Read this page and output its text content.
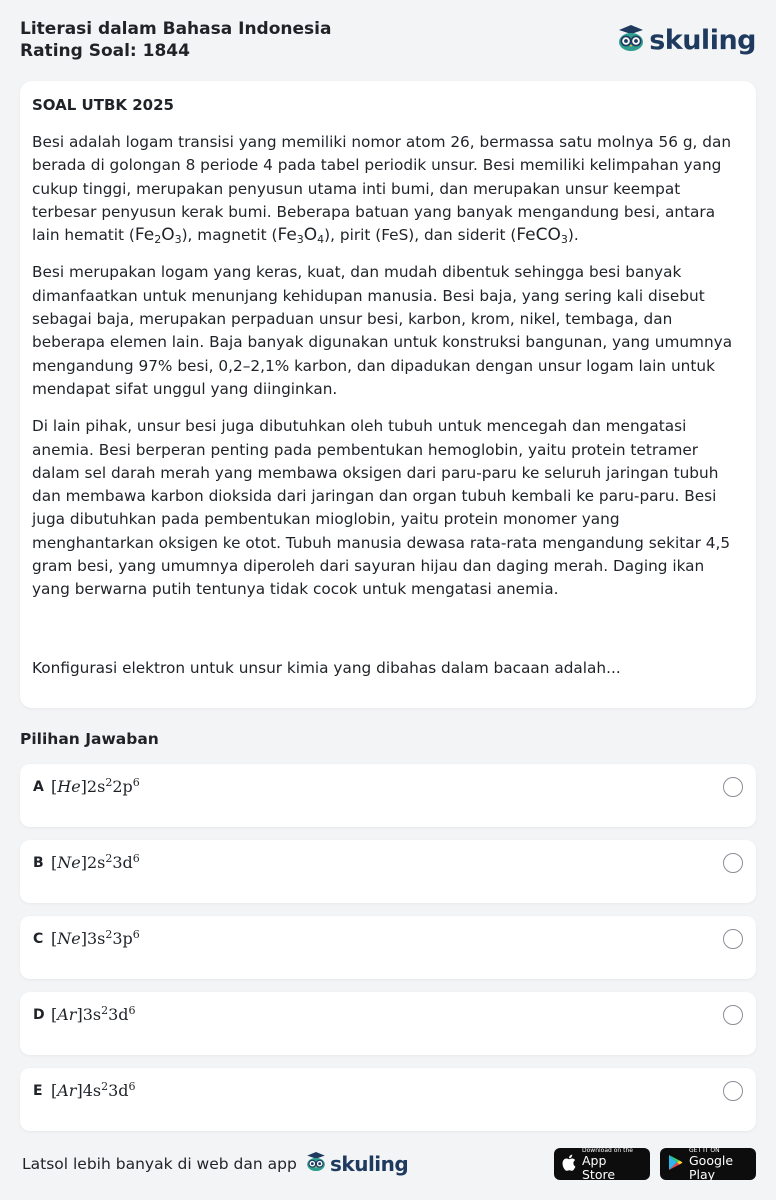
Literasi dalam Bahasa Indonesia
Rating Soal: 1844	skuling
SOAL UTBK 2025

Besi adalah logam transisi yang memiliki nomor atom 26, bermassa satu molnya 56 g, dan berada di golongan 8 periode 4 pada tabel periodik unsur. Besi memiliki kelimpahan yang cukup tinggi, merupakan penyusun utama inti bumi, dan merupakan unsur keempat terbesar penyusun kerak bumi. Beberapa batuan yang banyak mengandung besi, antara lain hematit $(Fe_2O_3)$, magnetit $(Fe_3O_4)$, pirit (FeS), dan siderit (FeCO$_3$).

Besi merupakan logam yang keras, kuat, dan mudah dibentuk sehingga besi banyak dimanfaatkan untuk menunjang kehidupan manusia. Besi baja, yang sering kali disebut sebagai baja, merupakan perpaduan unsur besi, karbon, krom, nikel, tembaga, dan beberapa elemen lain. Baja banyak digunakan untuk konstruksi bangunan, yang umumnya mengandung 97% besi, 0,2–2,1% karbon, dan dipadukan dengan unsur logam lain untuk mendapat sifat unggul yang diinginkan.

Di lain pihak, unsur besi juga dibutuhkan oleh tubuh untuk mencegah dan mengatasi anemia. Besi berperan penting pada pembentukan hemoglobin, yaitu protein tetramer dalam sel darah merah yang membawa oksigen dari paru-paru ke seluruh jaringan tubuh dan membawa karbon dioksida dari jaringan dan organ tubuh kembali ke paru-paru. Besi juga dibutuhkan pada pembentukan mioglobin, yaitu protein monomer yang menghantarkan oksigen ke otot. Tubuh manusia dewasa rata-rata mengandung sekitar 4,5 gram besi, yang umumnya diperoleh dari sayuran hijau dan daging merah. Daging ikan yang berwarna putih tentunya tidak cocok untuk mengatasi anemia.

Konfigurasi elektron untuk unsur kimia yang dibahas dalam bacaan adalah...

Pilihan Jawaban
A $[He]2s^22p^6$
B $[Ne]2s^23d^6$
C $[Ne]3s^23p^6$
D $[Ar]3s^23d^6$
E $[Ar]4s^23d^6$
Latsol lebih banyak di web dan app skuling
Download on the
App Store
GET IT ON
Google Play
